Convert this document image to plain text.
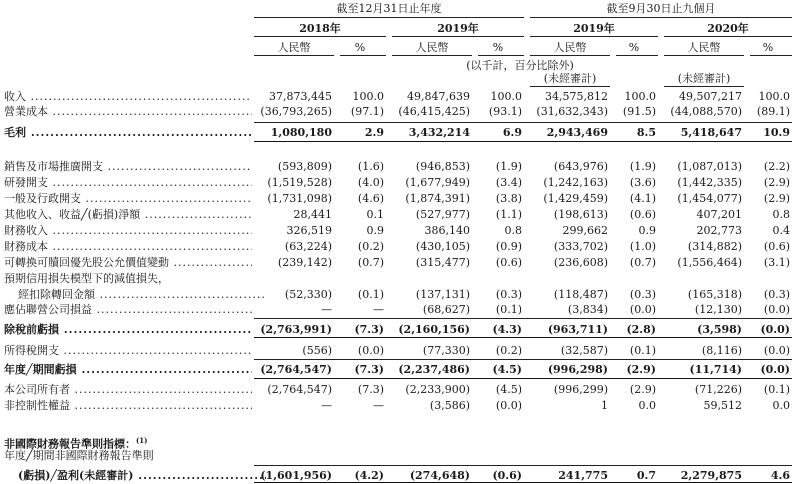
截至12月31日止年度	截至9月30日止九個月
2018年	2019年	2019年	2020年
人民幣	%	人民幣	%	人民幣	%	人民幣	%
(以千計，百分比除外)
(未經審計)	(未經審計)
收入 .....	37,873,445	100.0	49,847,639	100.0	34,575,812	100.0	49,507,217	100.0
營業成本 .....	(36,793,265)	(97.1)	(46,415,425)	(93.1)	(31,632,343)	(91.5)	(44,088,570)	(89.1)
毛利 .....	1,080,180	2.9	3,432,214	6.9	2,943,469	8.5	5,418,647	10.9
銷售及市場推廣開支 .....	(593,809)	(1.6)	(946,853)	(1.9)	(643,976)	(1.9)	(1,087,013)	(2.2)
研發開支 .....	(1,519,528)	(4.0)	(1,677,949)	(3.4)	(1,242,163)	(3.6)	(1,442,335)	(2.9)
一般及行政開支 .....	(1,731,098)	(4.6)	(1,874,391)	(3.8)	(1,429,459)	(4.1)	(1,454,077)	(2.9)
其他收入、收益╱(虧損)淨額 .....	28,441	0.1	(527,977)	(1.1)	(198,613)	(0.6)	407,201	0.8
財務收入 .....	326,519	0.9	386,140	0.8	299,662	0.9	202,773	0.4
財務成本 .....	(63,224)	(0.2)	(430,105)	(0.9)	(333,702)	(1.0)	(314,882)	(0.6)
可轉換可贖回優先股公允價值變動 .....	(239,142)	(0.7)	(315,477)	(0.6)	(236,608)	(0.7)	(1,556,464)	(3.1)
預期信用損失模型下的減值損失，
經扣除轉回金額 .....	(52,330)	(0.1)	(137,131)	(0.3)	(118,487)	(0.3)	(165,318)	(0.3)
應佔聯營公司損益 .....	—	—	(68,627)	(0.1)	(3,834)	(0.0)	(12,130)	(0.0)
除稅前虧損 .....	(2,763,991)	(7.3)	(2,160,156)	(4.3)	(963,711)	(2.8)	(3,598)	(0.0)
所得稅開支 .....	(556)	(0.0)	(77,330)	(0.2)	(32,587)	(0.1)	(8,116)	(0.0)
年度╱期間虧損 .....	(2,764,547)	(7.3)	(2,237,486)	(4.5)	(996,298)	(2.9)	(11,714)	(0.0)
本公司所有者 .....	(2,764,547)	(7.3)	(2,233,900)	(4.5)	(996,299)	(2.9)	(71,226)	(0.1)
非控制性權益 .....	—	—	(3,586)	(0.0)	1	0.0	59,512	0.0
非國際財務報告準則指標：$^{(1)}$
年度╱期間非國際財務報告準則
(虧損)╱盈利(未經審計) .....	(1,601,956)	(4.2)	(274,648)	(0.6)	241,775	0.7	2,279,875	4.6
